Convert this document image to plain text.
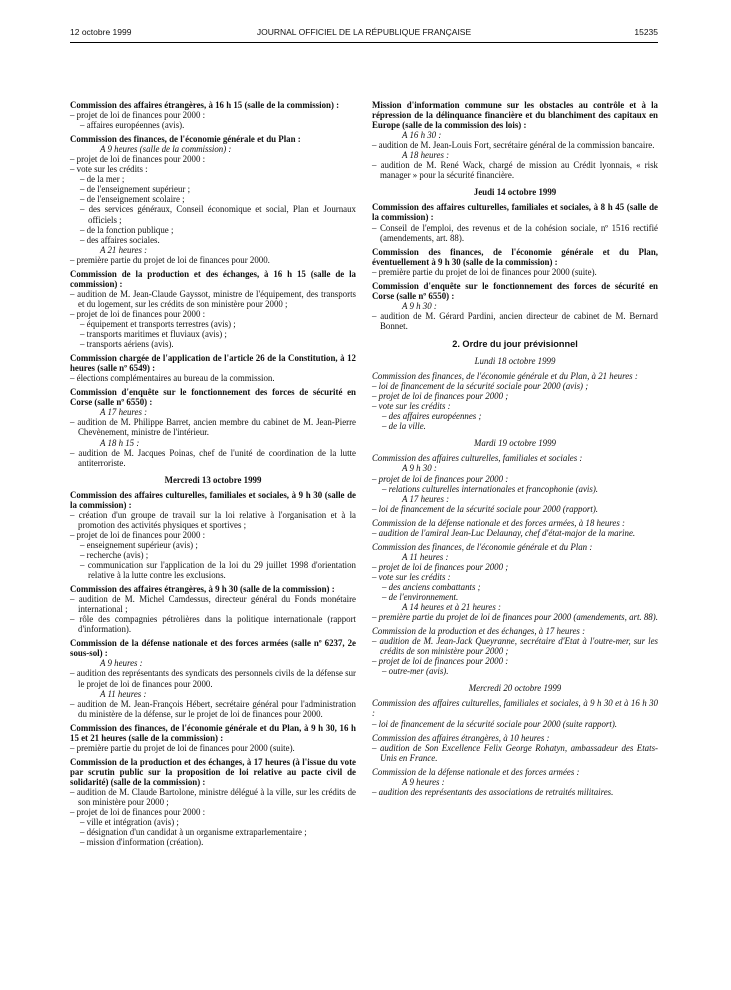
12 octobre 1999	JOURNAL OFFICIEL DE LA RÉPUBLIQUE FRANÇAISE	15235

Commission des affaires étrangères, à 16 h 15 (salle de la commission) :

– projet de loi de finances pour 2000 :

– affaires européennes (avis).

Commission des finances, de l'économie générale et du Plan :

A 9 heures (salle de la commission) :

– projet de loi de finances pour 2000 :

– vote sur les crédits :

– de la mer ;

– de l'enseignement supérieur ;

– de l'enseignement scolaire ;

– des services généraux, Conseil économique et social, Plan et Journaux officiels ;

– de la fonction publique ;

– des affaires sociales.

A 21 heures :

– première partie du projet de loi de finances pour 2000.

Commission de la production et des échanges, à 16 h 15 (salle de la commission) :

– audition de M. Jean-Claude Gayssot, ministre de l'équipement, des transports et du logement, sur les crédits de son ministère pour 2000 ;

– projet de loi de finances pour 2000 :

– équipement et transports terrestres (avis) ;

– transports maritimes et fluviaux (avis) ;

– transports aériens (avis).

Commission chargée de l'application de l'article 26 de la Constitution, à 12 heures (salle nº 6549) :

– élections complémentaires au bureau de la commission.

Commission d'enquête sur le fonctionnement des forces de sécurité en Corse (salle nº 6550) :

A 17 heures :

– audition de M. Philippe Barret, ancien membre du cabinet de M. Jean-Pierre Chevènement, ministre de l'intérieur.

A 18 h 15 :

– audition de M. Jacques Poinas, chef de l'unité de coordination de la lutte antiterroriste.

Mercredi 13 octobre 1999

Commission des affaires culturelles, familiales et sociales, à 9 h 30 (salle de la commission) :

– création d'un groupe de travail sur la loi relative à l'organisation et à la promotion des activités physiques et sportives ;

– projet de loi de finances pour 2000 :

– enseignement supérieur (avis) ;

– recherche (avis) ;

– communication sur l'application de la loi du 29 juillet 1998 d'orientation relative à la lutte contre les exclusions.

Commission des affaires étrangères, à 9 h 30 (salle de la commission) :

– audition de M. Michel Camdessus, directeur général du Fonds monétaire international ;

– rôle des compagnies pétrolières dans la politique internationale (rapport d'information).

Commission de la défense nationale et des forces armées (salle nº 6237, 2e sous-sol) :

A 9 heures :

– audition des représentants des syndicats des personnels civils de la défense sur le projet de loi de finances pour 2000.

A 11 heures :

– audition de M. Jean-François Hébert, secrétaire général pour l'administration du ministère de la défense, sur le projet de loi de finances pour 2000.

Commission des finances, de l'économie générale et du Plan, à 9 h 30, 16 h 15 et 21 heures (salle de la commission) :

– première partie du projet de loi de finances pour 2000 (suite).

Commission de la production et des échanges, à 17 heures (à l'issue du vote par scrutin public sur la proposition de loi relative au pacte civil de solidarité) (salle de la commission) :

– audition de M. Claude Bartolone, ministre délégué à la ville, sur les crédits de son ministère pour 2000 ;

– projet de loi de finances pour 2000 :

– ville et intégration (avis) ;

– désignation d'un candidat à un organisme extraparlementaire ;

– mission d'information (création).

Mission d'information commune sur les obstacles au contrôle et à la répression de la délinquance financière et du blanchiment des capitaux en Europe (salle de la commission des lois) :

A 16 h 30 :

– audition de M. Jean-Louis Fort, secrétaire général de la commission bancaire.

A 18 heures :

– audition de M. René Wack, chargé de mission au Crédit lyonnais, « risk manager » pour la sécurité financière.

Jeudi 14 octobre 1999

Commission des affaires culturelles, familiales et sociales, à 8 h 45 (salle de la commission) :

– Conseil de l'emploi, des revenus et de la cohésion sociale, nº 1516 rectifié (amendements, art. 88).

Commission des finances, de l'économie générale et du Plan, éventuellement à 9 h 30 (salle de la commission) :

– première partie du projet de loi de finances pour 2000 (suite).

Commission d'enquête sur le fonctionnement des forces de sécurité en Corse (salle nº 6550) :

A 9 h 30 :

– audition de M. Gérard Pardini, ancien directeur de cabinet de M. Bernard Bonnet.

2. Ordre du jour prévisionnel

Lundi 18 octobre 1999

Commission des finances, de l'économie générale et du Plan, à 21 heures :

– loi de financement de la sécurité sociale pour 2000 (avis) ;

– projet de loi de finances pour 2000 ;

– vote sur les crédits :

– des affaires européennes ;

– de la ville.

Mardi 19 octobre 1999

Commission des affaires culturelles, familiales et sociales :

A 9 h 30 :

– projet de loi de finances pour 2000 :

– relations culturelles internationales et francophonie (avis).

A 17 heures :

– loi de financement de la sécurité sociale pour 2000 (rapport).

Commission de la défense nationale et des forces armées, à 18 heures :

– audition de l'amiral Jean-Luc Delaunay, chef d'état-major de la marine.

Commission des finances, de l'économie générale et du Plan :

A 11 heures :

– projet de loi de finances pour 2000 ;

– vote sur les crédits :

– des anciens combattants ;

– de l'environnement.

A 14 heures et à 21 heures :

– première partie du projet de loi de finances pour 2000 (amendements, art. 88).

Commission de la production et des échanges, à 17 heures :

– audition de M. Jean-Jack Queyranne, secrétaire d'Etat à l'outre-mer, sur les crédits de son ministère pour 2000 ;

– projet de loi de finances pour 2000 :

– outre-mer (avis).

Mercredi 20 octobre 1999

Commission des affaires culturelles, familiales et sociales, à 9 h 30 et à 16 h 30 :

– loi de financement de la sécurité sociale pour 2000 (suite rapport).

Commission des affaires étrangères, à 10 heures :

– audition de Son Excellence Felix George Rohatyn, ambassadeur des Etats-Unis en France.

Commission de la défense nationale et des forces armées :

A 9 heures :

– audition des représentants des associations de retraités militaires.
